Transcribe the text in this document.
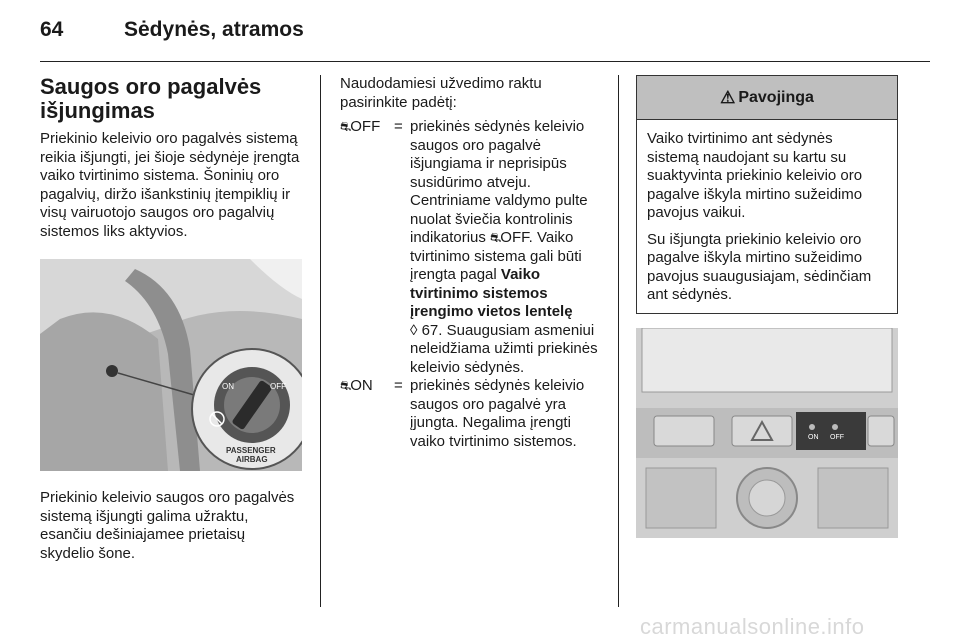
64	Sėdynės, atramos
Saugos oro pagalvės išjungimas

Priekinio keleivio oro pagalvės sistemą reikia išjungti, jei šioje sėdynėje įrengta vaiko tvirtinimo sistema. Šoninių oro pagalvių, diržo išankstinių įtempiklių ir visų vairuotojo saugos oro pagalvių sistemos liks aktyvios.

ON	OFF
PASSENGER
AIRBAG

Priekinio keleivio saugos oro pagalvės sistemą išjungti galima užraktu, esančiu dešiniajamee prietaisų skydelio šone.

Naudodamiesi užvedimo raktu pasirinkite padėtį:

⛐OFF	=	priekinės sėdynės keleivio saugos oro pagalvė išjungiama ir neprisipūs susidūrimo atveju. Centriniame valdymo pulte nuolat šviečia kontrolinis indikatorius ⛐OFF. Vaiko tvirtinimo sistema gali būti įrengta pagal Vaiko tvirtinimo sistemos įrengimo vietos lentelę
◊ 67. Suaugusiam asmeniui neleidžiama užimti priekinės keleivio sėdynės.
⛐ON	=	priekinės sėdynės keleivio saugos oro pagalvė yra įjungta. Negalima įrengti vaiko tvirtinimo sistemos.
⚠ Pavojinga

Vaiko tvirtinimo ant sėdynės sistemą naudojant su kartu su suaktyvinta priekinio keleivio oro pagalve iškyla mirtino sužeidimo pavojus vaikui.

Su išjungta priekinio keleivio oro pagalve iškyla mirtino sužeidimo pavojus suaugusiajam, sėdinčiam ant sėdynės.

ON OFF
carmanualsonline.info
